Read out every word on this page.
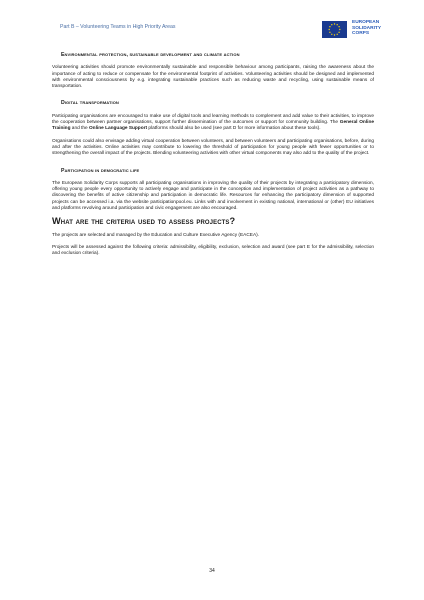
Part B – Volunteering Teams in High Priority Areas
EUROPEAN
SOLIDARITY
CORPS
Environmental protection, sustainable development and climate action

Volunteering activities should promote environmentally sustainable and responsible behaviour among participants, raising the awareness about the importance of acting to reduce or compensate for the environmental footprint of activities. Volunteering activities should be designed and implemented with environmental consciousness by e.g. integrating sustainable practices such as reducing waste and recycling, using sustainable means of transportation.

Digital transformation

Participating organisations are encouraged to make use of digital tools and learning methods to complement and add value to their activities, to improve the cooperation between partner organisations, support further dissemination of the outcomes or support for community building. The General Online Training and the Online Language Support platforms should also be used (see part D for more information about these tools).

Organisations could also envisage adding virtual cooperation between volunteers, and between volunteers and participating organisations, before, during and after the activities. Online activities may contribute to lowering the threshold of participation for young people with fewer opportunities or to strengthening the overall impact of the projects. Blending volunteering activities with other virtual components may also add to the quality of the project.

Participation in democratic life

The European Solidarity Corps supports all participating organisations in improving the quality of their projects by integrating a participatory dimension, offering young people every opportunity to actively engage and participate in the conception and implementation of project activities as a pathway to discovering the benefits of active citizenship and participation in democratic life. Resources for enhancing the participatory dimension of supported projects can be accessed i.a. via the website participationpool.eu. Links with and involvement in existing national, international or (other) EU initiatives and platforms revolving around participation and civic engagement are also encouraged.

What are the criteria used to assess projects?

The projects are selected and managed by the Education and Culture Executive Agency (EACEA).

Projects will be assessed against the following criteria: admissibility, eligibility, exclusion, selection and award (see part E for the admissibility, selection and exclusion criteria).

34
